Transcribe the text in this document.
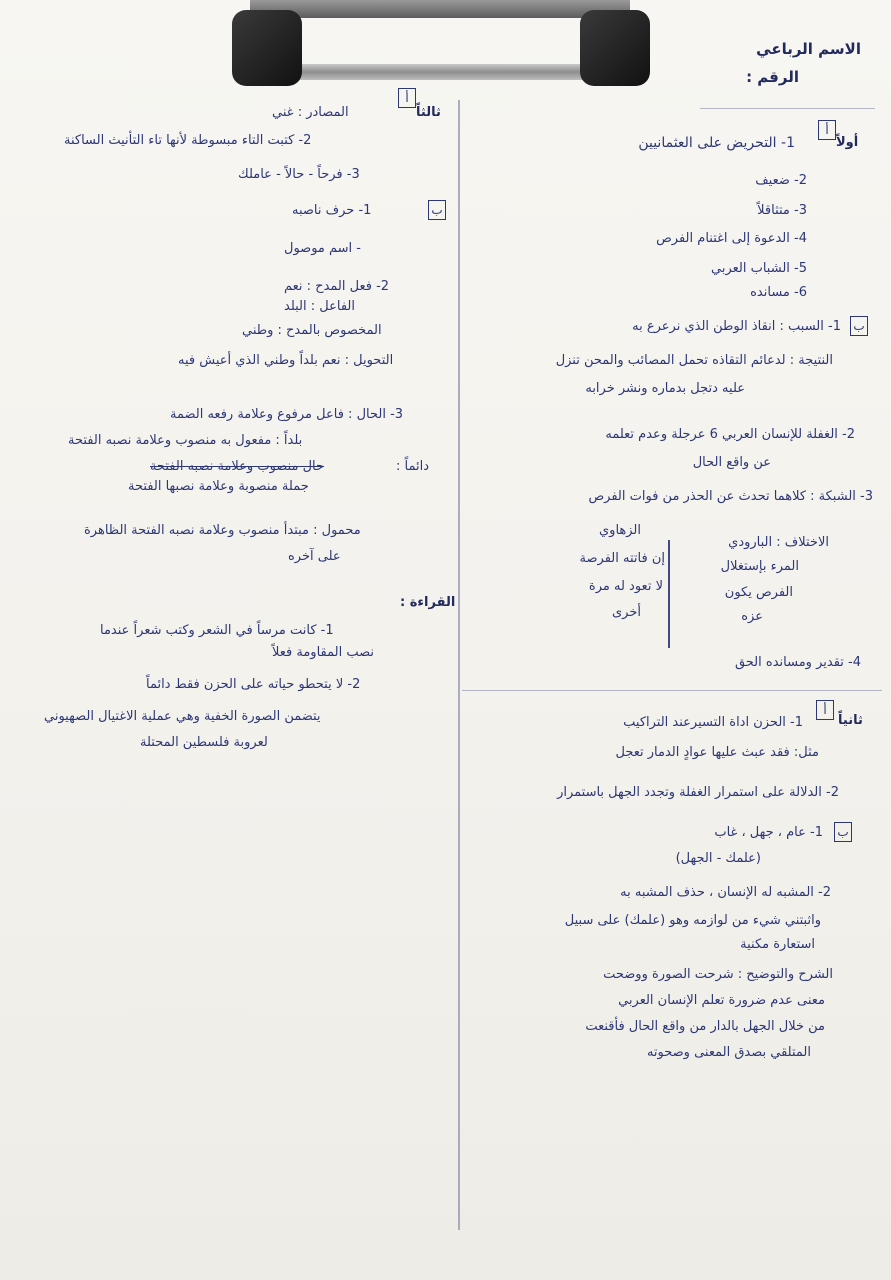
الاسم الرباعي
الرقم :
أولاً
أ
1- التحريض على العثمانيين
2- ضعيف
3- متثاقلاً
4- الدعوة إلى اغتنام الفرص
5- الشباب العربي
6- مسانده
ب
1- السبب : انقاذ الوطن الذي نرعرع به
النتيجة : لدعائم التقاذه تحمل المصائب والمحن تنزل
عليه دتجل بدماره ونشر خرابه
2- الغفلة للإنسان العربي 6 عرجلة وعدم تعلمه
عن واقع الحال
3- الشبكة : كلاهما تحدث عن الحذر من فوات الفرص
الاختلاف : البارودي
الزهاوي
المرء بإستغلال
الفرص يكون
عزه
إن فاتته الفرصة
لا تعود له مرة
أخرى
4- تقدير ومسانده الحق
ثانياً
أ
1- الحزن اداة التسيرعند التراكيب
مثل: فقد عبث عليها عوادٍ الدمار تعجل
2- الدلالة على استمرار الغفلة وتجدد الجهل باستمرار
ب
1- عام ، جهل ، غاب
(علمك - الجهل)
2- المشبه له الإنسان ، حذف المشبه به
واثبتني شيء من لوازمه وهو (علمك) على سبيل
استعارة مكنية
الشرح والتوضيح : شرحت الصورة ووضحت
معنى عدم ضرورة تعلم الإنسان العربي
من خلال الجهل بالدار من واقع الحال فأقنعت
المتلقي بصدق المعنى وصحوته
ثالثاً
أ
المصادر : غني
2- كتبت التاء مبسوطة لأنها تاء التأنيث الساكنة
3- فرحاً - حالاً - عاملك
ب
1- حرف ناصبه
- اسم موصول
2- فعل المدح : نعم
الفاعل : البلد
المخصوص بالمدح : وطني
التحويل : نعم بلداً وطني الذي أعيش فيه
3- الحال : فاعل مرفوع وعلامة رفعه الضمة
بلداً : مفعول به منصوب وعلامة نصبه الفتحة
دائماً :
حال منصوب وعلامة نصبه الفتحة
جملة منصوبة وعلامة نصبها الفتحة
محمول : مبتدأ منصوب وعلامة نصبه الفتحة الظاهرة
على آخره
القراءة :
1- كانت مرساً في الشعر وكتب شعراً عندما
نصب المقاومة فعلاً
2- لا يتحطو حياته على الحزن فقط دائماً
يتضمن الصورة الخفية وهي عملية الاغتيال الصهيوني
لعروبة فلسطين المحتلة
